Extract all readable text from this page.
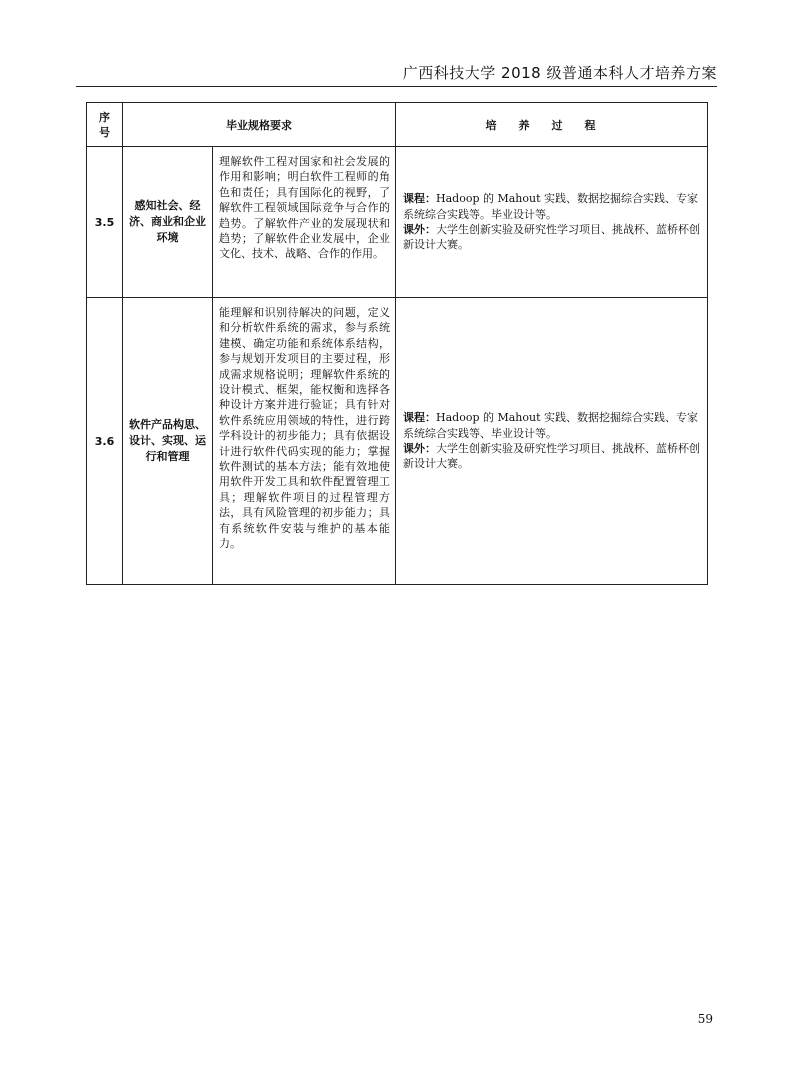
广西科技大学 2018 级普通本科人才培养方案
序号	毕业规格要求		培养过程
3.5	感知社会、经济、商业和企业环境	理解软件工程对国家和社会发展的作用和影响；明白软件工程师的角色和责任；具有国际化的视野，了解软件工程领域国际竞争与合作的趋势。了解软件产业的发展现状和趋势；了解软件企业发展中，企业文化、技术、战略、合作的作用。	课程：Hadoop 的 Mahout 实践、数据挖掘综合实践、专家系统综合实践等。毕业设计等。
课外：大学生创新实验及研究性学习项目、挑战杯、蓝桥杯创新设计大赛。

3.6	软件产品构思、设计、实现、运行和管理	能理解和识别待解决的问题，定义和分析软件系统的需求，参与系统建模、确定功能和系统体系结构，参与规划开发项目的主要过程，形成需求规格说明；理解软件系统的设计模式、框架，能权衡和选择各种设计方案并进行验证；具有针对软件系统应用领域的特性，进行跨学科设计的初步能力；具有依据设计进行软件代码实现的能力；掌握软件测试的基本方法；能有效地使用软件开发工具和软件配置管理工具；理解软件项目的过程管理方法，具有风险管理的初步能力；具有系统软件安装与维护的基本能力。	课程：Hadoop 的 Mahout 实践、数据挖掘综合实践、专家系统综合实践等、毕业设计等。
课外：大学生创新实验及研究性学习项目、挑战杯、蓝桥杯创新设计大赛。
59
